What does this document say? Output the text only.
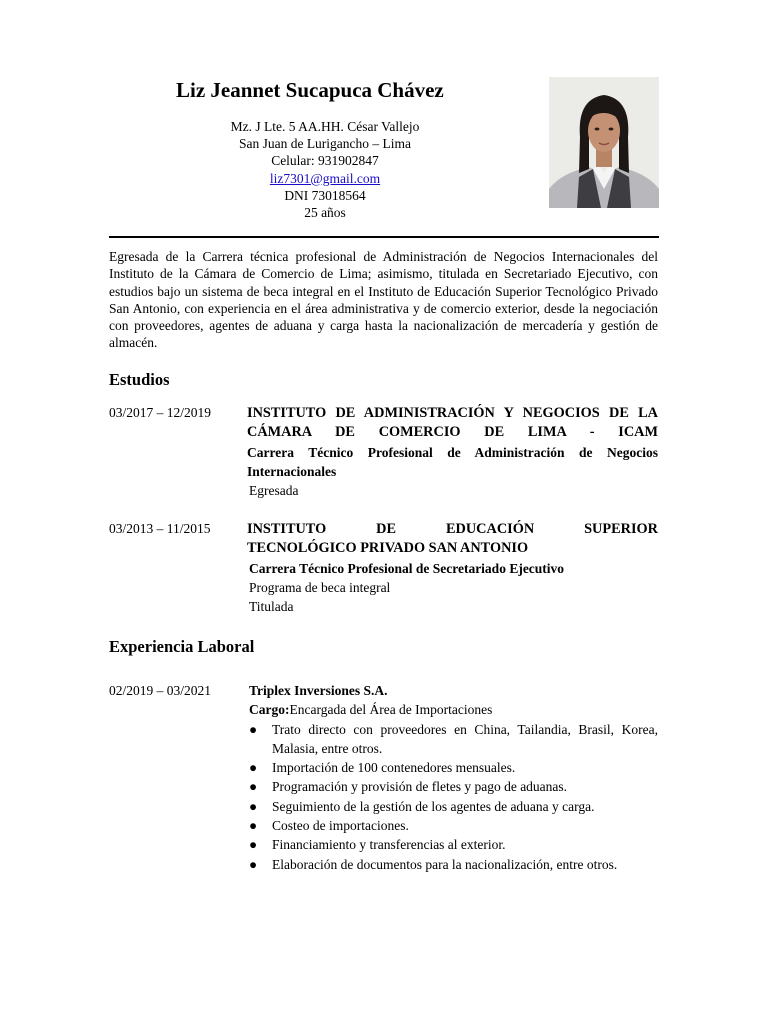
Liz Jeannet Sucapuca Chávez
Mz. J Lte. 5 AA.HH. César Vallejo
San Juan de Lurigancho – Lima
Celular: 931902847
liz7301@gmail.com
DNI 73018564
25 años
Egresada de la Carrera técnica profesional de Administración de Negocios Internacionales del Instituto de la Cámara de Comercio de Lima; asimismo, titulada en Secretariado Ejecutivo, con estudios bajo un sistema de beca integral en el Instituto de Educación Superior Tecnológico Privado San Antonio, con experiencia en el área administrativa y de comercio exterior, desde la negociación con proveedores, agentes de aduana y carga hasta la nacionalización de mercadería y gestión de almacén.
Estudios
03/2017 – 12/2019	INSTITUTO DE ADMINISTRACIÓN Y NEGOCIOS DE LA CÁMARA DE COMERCIO DE LIMA - ICAM
Carrera Técnico Profesional de Administración de Negocios Internacionales
Egresada
03/2013 – 11/2015	INSTITUTO DE EDUCACIÓN SUPERIOR
TECNOLÓGICO PRIVADO SAN ANTONIO
Carrera Técnico Profesional de Secretariado Ejecutivo
Programa de beca integral
Titulada
Experiencia Laboral
02/2019 – 03/2021	Triplex Inversiones S.A.
Cargo:Encargada del Área de Importaciones
● Trato directo con proveedores en China, Tailandia, Brasil, Korea, Malasia, entre otros.
● Importación de 100 contenedores mensuales.
● Programación y provisión de fletes y pago de aduanas.
● Seguimiento de la gestión de los agentes de aduana y carga.
● Costeo de importaciones.
● Financiamiento y transferencias al exterior.
● Elaboración de documentos para la nacionalización, entre otros.
